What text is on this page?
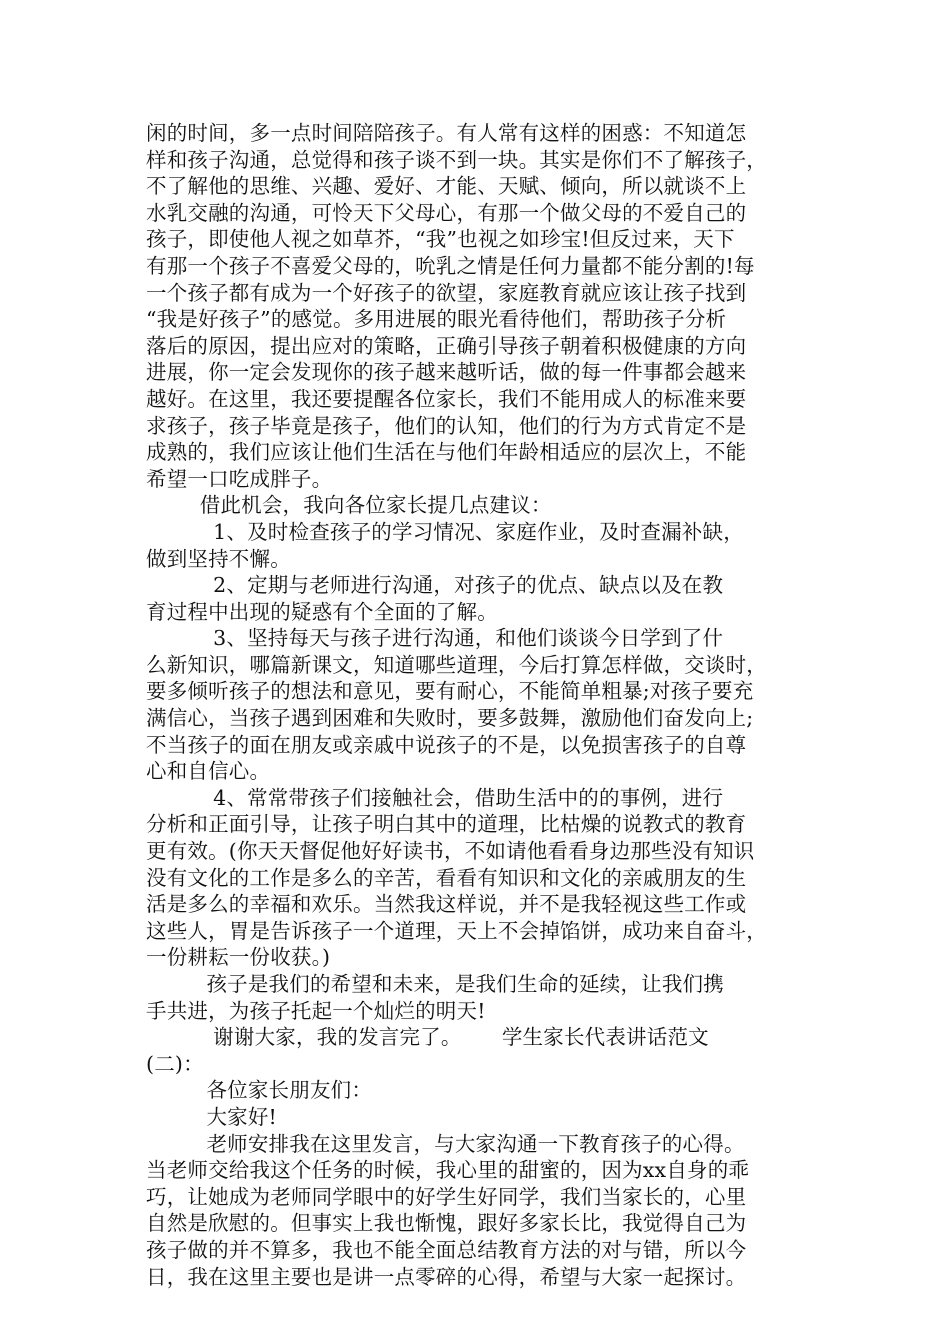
闲的时间，多一点时间陪陪孩子。有人常有这样的困惑：不知道怎
样和孩子沟通，总觉得和孩子谈不到一块。其实是你们不了解孩子，
不了解他的思维、兴趣、爱好、才能、天赋、倾向，所以就谈不上
水乳交融的沟通，可怜天下父母心，有那一个做父母的不爱自己的
孩子，即使他人视之如草芥，“我”也视之如珍宝!但反过来，天下
有那一个孩子不喜爱父母的，吮乳之情是任何力量都不能分割的!每
一个孩子都有成为一个好孩子的欲望，家庭教育就应该让孩子找到
“我是好孩子”的感觉。多用进展的眼光看待他们，帮助孩子分析
落后的原因，提出应对的策略，正确引导孩子朝着积极健康的方向
进展，你一定会发现你的孩子越来越听话，做的每一件事都会越来
越好。在这里，我还要提醒各位家长，我们不能用成人的标准来要
求孩子，孩子毕竟是孩子，他们的认知，他们的行为方式肯定不是
成熟的，我们应该让他们生活在与他们年龄相适应的层次上，不能
希望一口吃成胖子。
借此机会，我向各位家长提几点建议：
1、及时检查孩子的学习情况、家庭作业，及时查漏补缺，
做到坚持不懈。
2、定期与老师进行沟通，对孩子的优点、缺点以及在教
育过程中出现的疑惑有个全面的了解。
3、坚持每天与孩子进行沟通，和他们谈谈今日学到了什
么新知识，哪篇新课文，知道哪些道理，今后打算怎样做，交谈时，
要多倾听孩子的想法和意见，要有耐心，不能简单粗暴;对孩子要充
满信心，当孩子遇到困难和失败时，要多鼓舞，激励他们奋发向上;
不当孩子的面在朋友或亲戚中说孩子的不是，以免损害孩子的自尊
心和自信心。
4、常常带孩子们接触社会，借助生活中的的事例，进行
分析和正面引导，让孩子明白其中的道理，比枯燥的说教式的教育
更有效。(你天天督促他好好读书，不如请他看看身边那些没有知识
没有文化的工作是多么的辛苦，看看有知识和文化的亲戚朋友的生
活是多么的幸福和欢乐。当然我这样说，并不是我轻视这些工作或
这些人，胃是告诉孩子一个道理，天上不会掉馅饼，成功来自奋斗，
一份耕耘一份收获。)
孩子是我们的希望和未来，是我们生命的延续，让我们携
手共进，为孩子托起一个灿烂的明天!
谢谢大家，我的发言完了。      学生家长代表讲话范文
(二)：
各位家长朋友们：
大家好!
老师安排我在这里发言，与大家沟通一下教育孩子的心得。
当老师交给我这个任务的时候，我心里的甜蜜的，因为xx自身的乖
巧，让她成为老师同学眼中的好学生好同学，我们当家长的，心里
自然是欣慰的。但事实上我也惭愧，跟好多家长比，我觉得自己为
孩子做的并不算多，我也不能全面总结教育方法的对与错，所以今
日，我在这里主要也是讲一点零碎的心得，希望与大家一起探讨。
